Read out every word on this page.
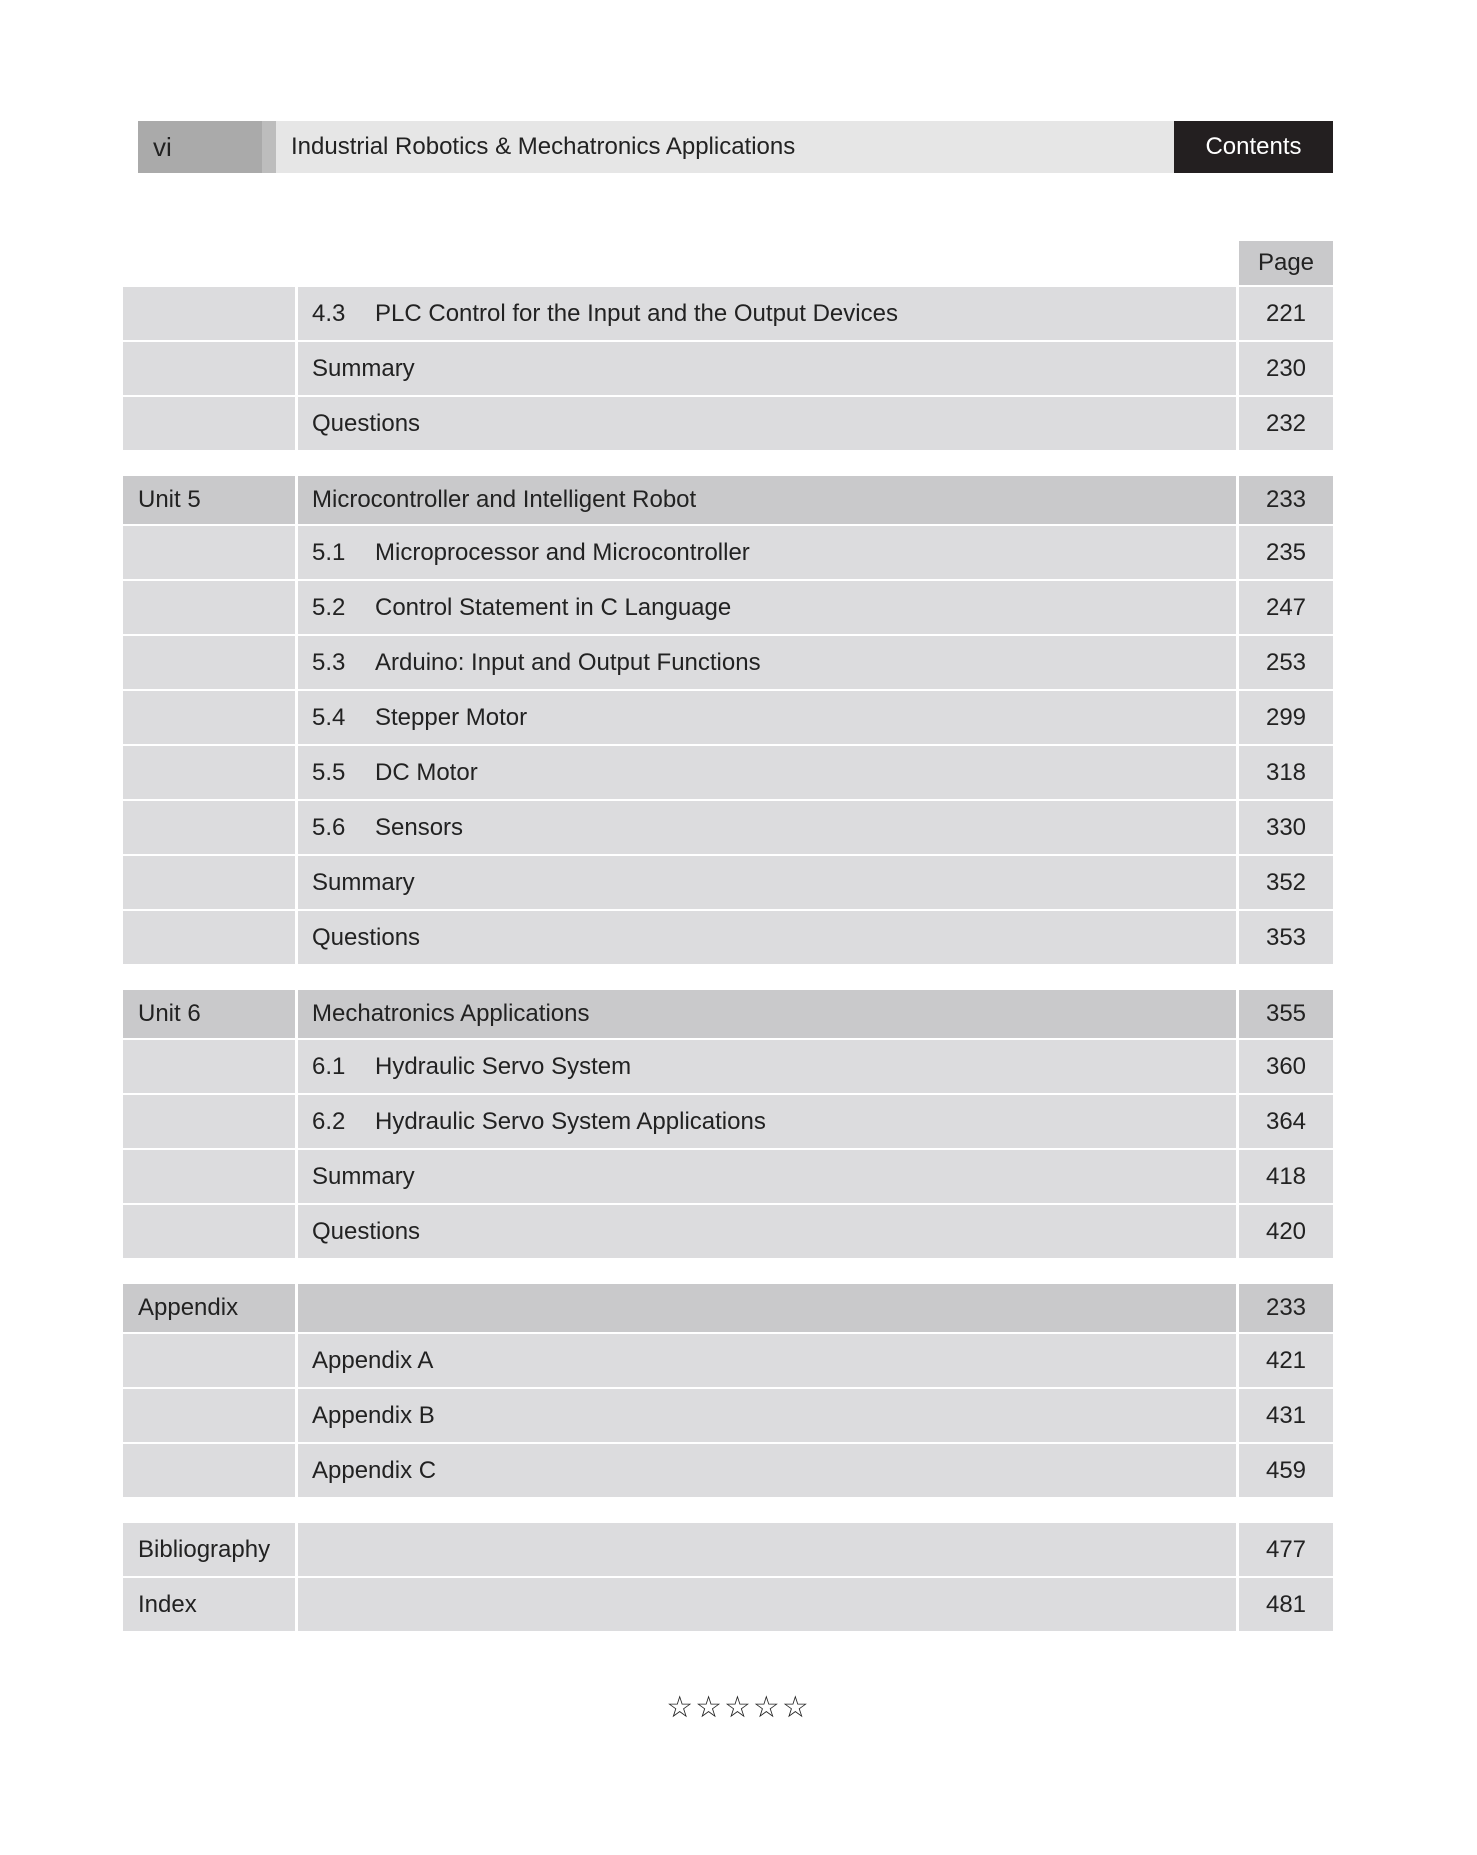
vi	Industrial Robotics & Mechatronics Applications	Contents
Page
4.3	PLC Control for the Input and the Output Devices	221
Summary	230
Questions	232
Unit 5	Microcontroller and Intelligent Robot	233
5.1	Microprocessor and Microcontroller	235
5.2	Control Statement in C Language	247
5.3	Arduino: Input and Output Functions	253
5.4	Stepper Motor	299
5.5	DC Motor	318
5.6	Sensors	330
Summary	352
Questions	353
Unit 6	Mechatronics Applications	355
6.1	Hydraulic Servo System	360
6.2	Hydraulic Servo System Applications	364
Summary	418
Questions	420
Appendix	233
Appendix A	421
Appendix B	431
Appendix C	459
Bibliography	477
Index	481
☆☆☆☆☆
